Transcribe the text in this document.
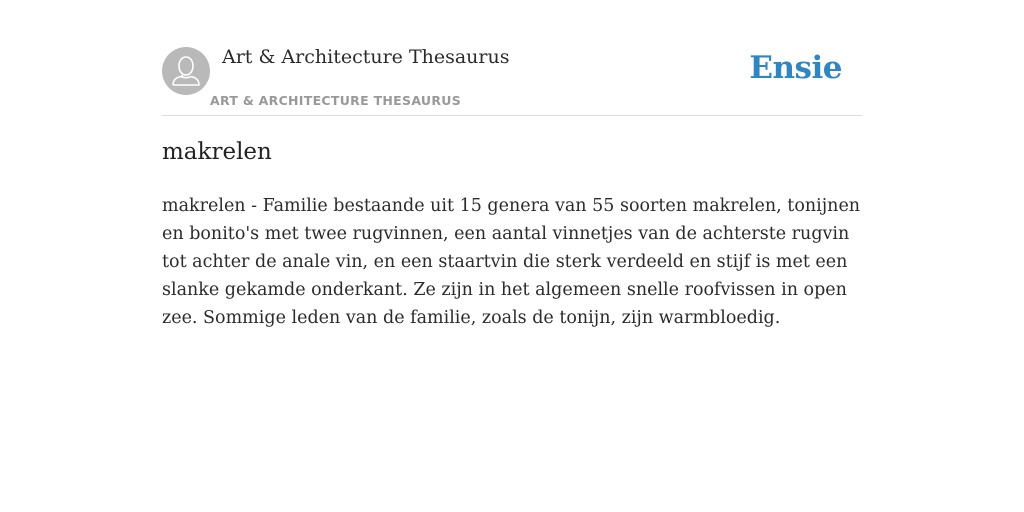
Art & Architecture Thesaurus
ART & ARCHITECTURE THESAURUS
Ensie
makrelen

makrelen - Familie bestaande uit 15 genera van 55 soorten makrelen, tonijnen en bonito's met twee rugvinnen, een aantal vinnetjes van de achterste rugvin tot achter de anale vin, en een staartvin die sterk verdeeld en stijf is met een slanke gekamde onderkant. Ze zijn in het algemeen snelle roofvissen in open zee. Sommige leden van de familie, zoals de tonijn, zijn warmbloedig.
